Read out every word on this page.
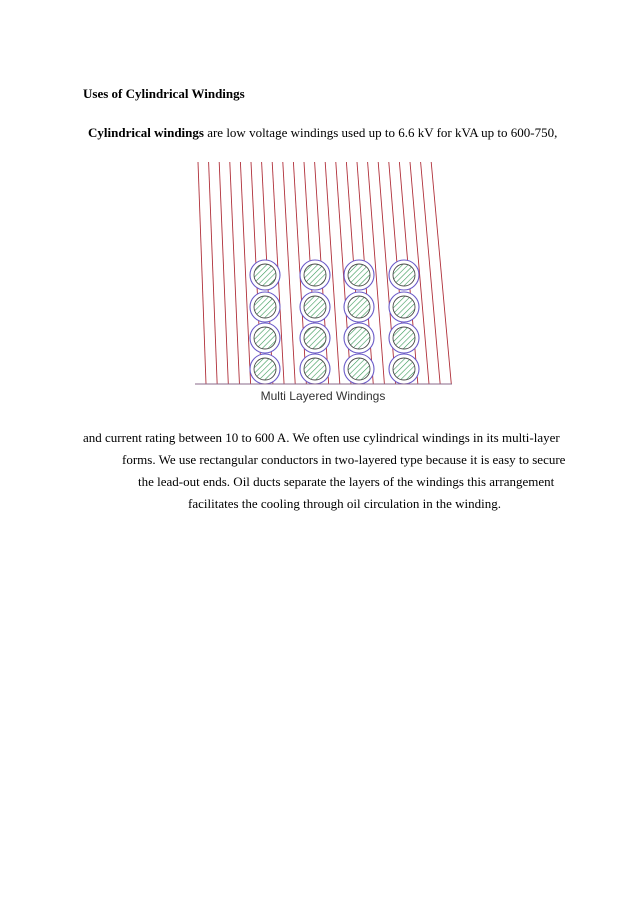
Uses of Cylindrical Windings
Cylindrical windings are low voltage windings used up to 6.6 kV for kVA up to 600-750,
Multi Layered Windings
and current rating between 10 to 600 A. We often use cylindrical windings in its multi-layer
forms. We use rectangular conductors in two-layered type because it is easy to secure
the lead-out ends. Oil ducts separate the layers of the windings this arrangement
facilitates the cooling through oil circulation in the winding.
